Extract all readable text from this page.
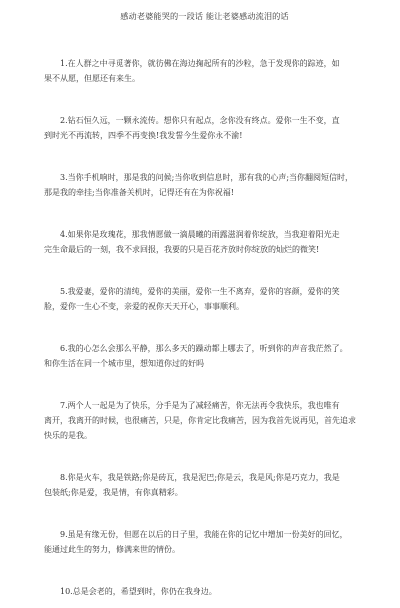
感动老婆能哭的一段话 能让老婆感动流泪的话

1.在人群之中寻觅著你，就彷佛在海边掬起所有的沙粒，急于发现你的踪迹，如
果不从愿，但愿还有来生。

2.钻石恒久远，一颗永流传。想你只有起点，念你没有终点。爱你一生不变，直
到时光不再流转，四季不再变换!我发誓今生爱你永不渝!

3.当你手机响时，那是我的问候;当你收到信息时，那有我的心声;当你翻阅短信时，
那是我的牵挂;当你准备关机时，记得还有在为你祝福!

4.如果你是玫瑰花，那我情愿做一滴晨曦的雨露滋润着你绽放，当我迎着阳光走
完生命最后的一刻，我不求回报，我要的只是百花齐放时你绽放的灿烂的微笑!

5.我爱妻，爱你的清纯，爱你的美丽，爱你一生不离弃，爱你的容颜，爱你的笑
脸，爱你一生心不变，亲爱的祝你天天开心，事事顺利。

6.我的心怎么会那么平静，那么多天的躁动都上哪去了，听到你的声音我茫然了。
和你生活在同一个城市里，想知道你过的好吗

7.两个人一起是为了快乐，分手是为了减轻痛苦，你无法再令我快乐，我也唯有
离开，我离开的时候，也很痛苦，只是，你肯定比我痛苦，因为我首先说再见，首先追求
快乐的是我。

8.你是火车，我是铁路;你是砖瓦，我是泥巴;你是云，我是风;你是巧克力，我是
包装纸;你是爱，我是情，有你真精彩。

9.虽是有缘无份，但愿在以后的日子里，我能在你的记忆中增加一份美好的回忆，
能通过此生的努力，修满来世的情份。

10.总是会老的，希望到时，你仍在我身边。
